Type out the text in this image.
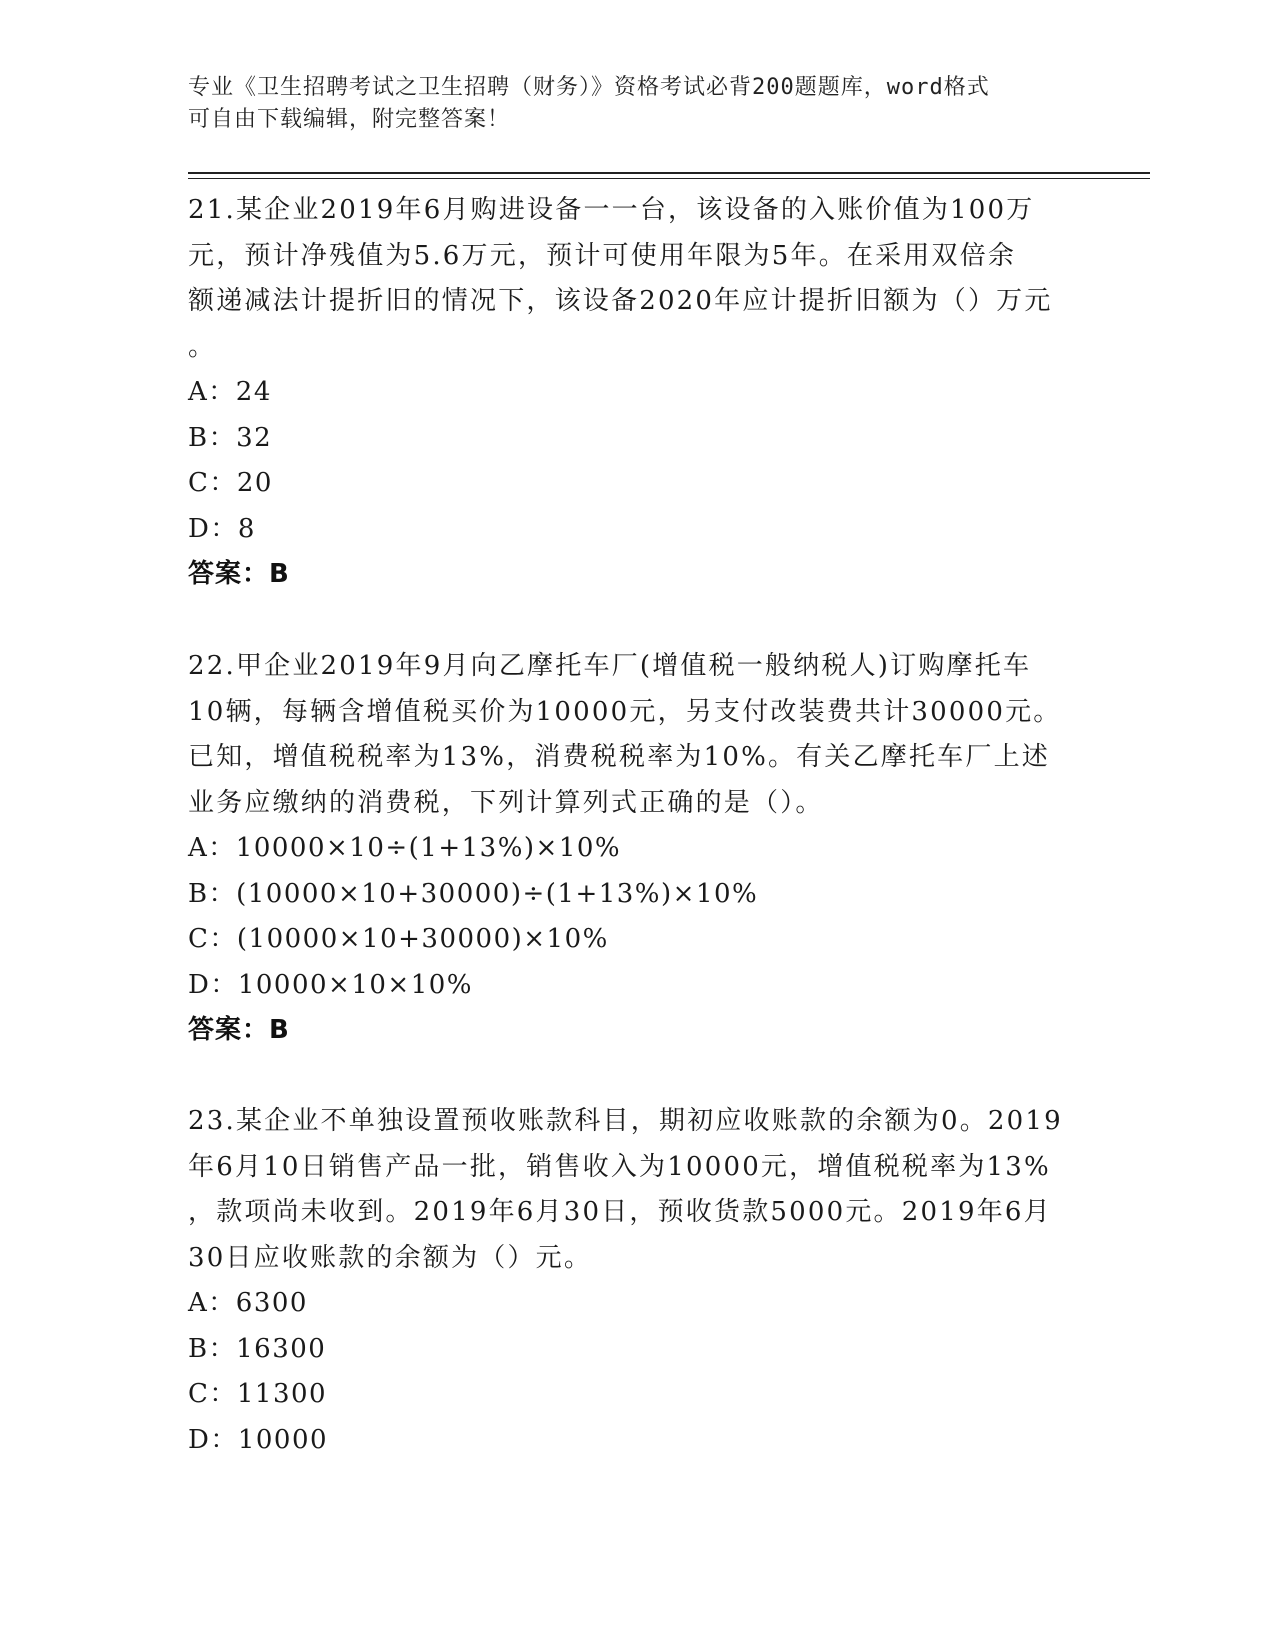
专业《卫生招聘考试之卫生招聘（财务）》资格考试必背200题题库，word格式
可自由下载编辑，附完整答案！
21.某企业2019年6月购进设备一一台，该设备的入账价值为100万
元，预计净残值为5.6万元，预计可使用年限为5年。在采用双倍余
额递减法计提折旧的情况下，该设备2020年应计提折旧额为（）万元
。
A：24
B：32
C：20
D：8
答案：B
22.甲企业2019年9月向乙摩托车厂(增值税一般纳税人)订购摩托车
10辆，每辆含增值税买价为10000元，另支付改装费共计30000元。
已知，增值税税率为13%，消费税税率为10%。有关乙摩托车厂上述
业务应缴纳的消费税，下列计算列式正确的是（）。
A：10000×10÷(1+13%)×10%
B：(10000×10+30000)÷(1+13%)×10%
C：(10000×10+30000)×10%
D：10000×10×10%
答案：B
23.某企业不单独设置预收账款科目，期初应收账款的余额为0。2019
年6月10日销售产品一批，销售收入为10000元，增值税税率为13%
，款项尚未收到。2019年6月30日，预收货款5000元。2019年6月
30日应收账款的余额为（）元。
A：6300
B：16300
C：11300
D：10000
